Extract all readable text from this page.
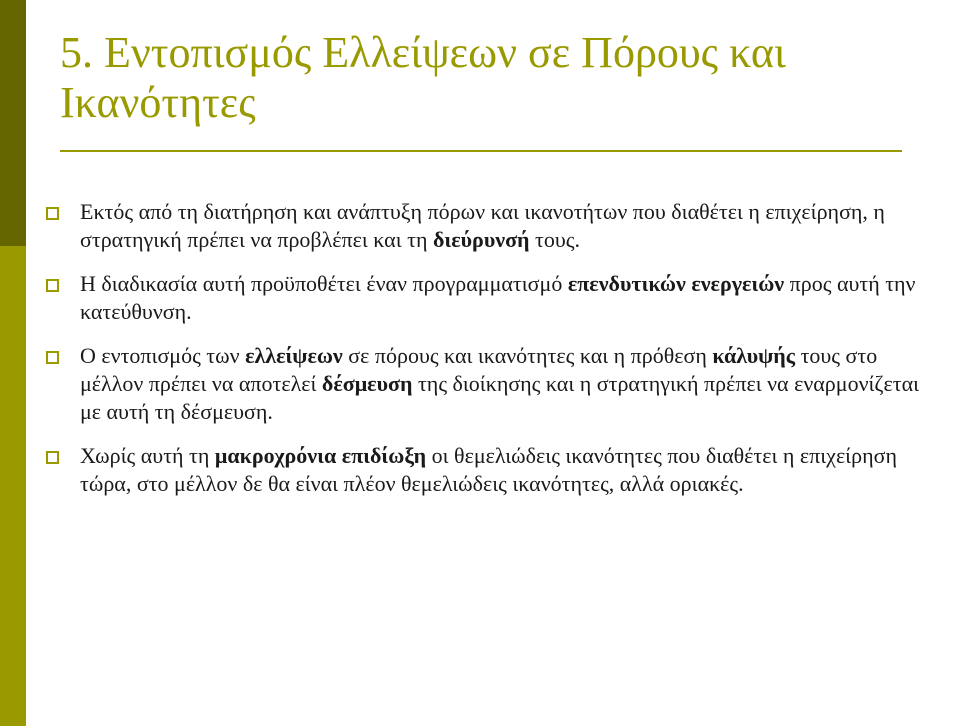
5. Εντοπισμός Ελλείψεων σε Πόρους και Ικανότητες
Εκτός από τη διατήρηση και ανάπτυξη πόρων και ικανοτήτων που διαθέτει η επιχείρηση, η στρατηγική πρέπει να προβλέπει και τη διεύρυνσή τους.
Η διαδικασία αυτή προϋποθέτει έναν προγραμματισμό επενδυτικών ενεργειών προς αυτή την κατεύθυνση.
Ο εντοπισμός των ελλείψεων σε πόρους και ικανότητες και η πρόθεση κάλυψής τους στο μέλλον πρέπει να αποτελεί δέσμευση της διοίκησης και η στρατηγική πρέπει να εναρμονίζεται με αυτή τη δέσμευση.
Χωρίς αυτή τη μακροχρόνια επιδίωξη οι θεμελιώδεις ικανότητες που διαθέτει η επιχείρηση τώρα, στο μέλλον δε θα είναι πλέον θεμελιώδεις ικανότητες, αλλά οριακές.
